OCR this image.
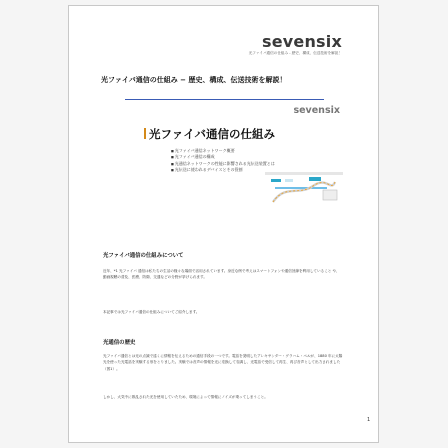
sevensix
光ファイバ通信の仕組み - 歴史、構成、伝送技術を解説！
光ファイバ通信の仕組み − 歴史、構成、伝送技術を解説！
sevensix
光ファイバ通信の仕組み
■ 光ファイバ通信ネットワーク概要
■ 光ファイバ通信の構成
■ 光通信ネットワークの性能に影響される光伝送装置とは
■ 光伝送に使われるデバイスとその役割
光ファイバ通信の仕組みについて
近年、*1 光ファイバ 通信は私たちの生活の様々な場面で活用されています。身近な例で考えはスマートフォンや通信回線を利用していること や、動画視聴の普及、医療、防衛、交通などの分野が挙げられます。
本記事では光ファイバ通信の仕組みについてご紹介します。
光通信の歴史
光ファイバ通信とは光の点滅で遠くに情報を伝えるための通信手段の一つです。電話を発明したアレキサンダー・グラハム・ベルが、1880 年に太陽光を使った光電話を実験する形をとりました。実験では音声の情報を光に変換して変調し、光電話で受信して再生、再び音声として出力されました（図1）。
しかし、大気中に散乱された光を使用していたため、環境によって情報にノイズが乗ってしまうこと。
1
